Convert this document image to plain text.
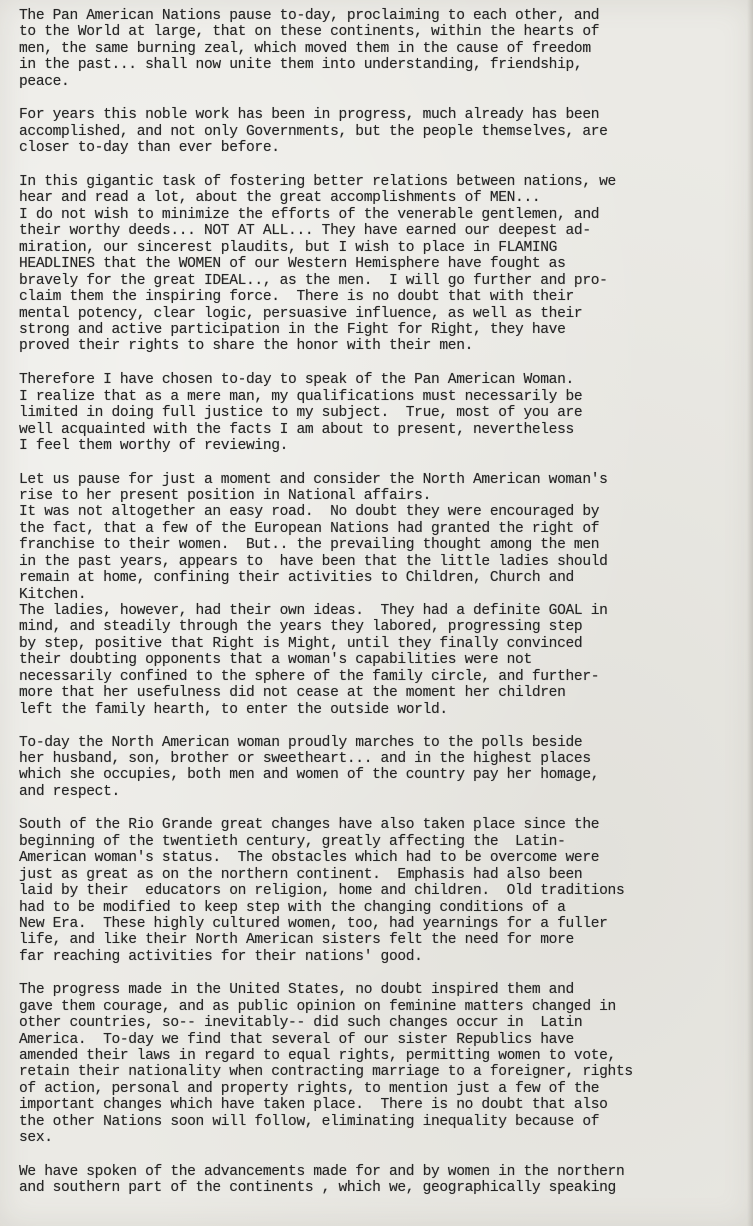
The Pan American Nations pause to-day, proclaiming to each other, and
to the World at large, that on these continents, within the hearts of
men, the same burning zeal, which moved them in the cause of freedom
in the past... shall now unite them into understanding, friendship,
peace.
For years this noble work has been in progress, much already has been
accomplished, and not only Governments, but the people themselves, are
closer to-day than ever before.
In this gigantic task of fostering better relations between nations, we
hear and read a lot, about the great accomplishments of MEN...
I do not wish to minimize the efforts of the venerable gentlemen, and
their worthy deeds... NOT AT ALL... They have earned our deepest ad-
miration, our sincerest plaudits, but I wish to place in FLAMING
HEADLINES that the WOMEN of our Western Hemisphere have fought as
bravely for the great IDEAL.., as the men.  I will go further and pro-
claim them the inspiring force.  There is no doubt that with their
mental potency, clear logic, persuasive influence, as well as their
strong and active participation in the Fight for Right, they have
proved their rights to share the honor with their men.
Therefore I have chosen to-day to speak of the Pan American Woman.
I realize that as a mere man, my qualifications must necessarily be
limited in doing full justice to my subject.  True, most of you are
well acquainted with the facts I am about to present, nevertheless
I feel them worthy of reviewing.
Let us pause for just a moment and consider the North American woman's
rise to her present position in National affairs.
It was not altogether an easy road.  No doubt they were encouraged by
the fact, that a few of the European Nations had granted the right of
franchise to their women.  But.. the prevailing thought among the men
in the past years, appears to  have been that the little ladies should
remain at home, confining their activities to Children, Church and
Kitchen.
The ladies, however, had their own ideas.  They had a definite GOAL in
mind, and steadily through the years they labored, progressing step
by step, positive that Right is Might, until they finally convinced
their doubting opponents that a woman's capabilities were not
necessarily confined to the sphere of the family circle, and further-
more that her usefulness did not cease at the moment her children
left the family hearth, to enter the outside world.
To-day the North American woman proudly marches to the polls beside
her husband, son, brother or sweetheart... and in the highest places
which she occupies, both men and women of the country pay her homage,
and respect.
South of the Rio Grande great changes have also taken place since the
beginning of the twentieth century, greatly affecting the  Latin-
American woman's status.  The obstacles which had to be overcome were
just as great as on the northern continent.  Emphasis had also been
laid by their  educators on religion, home and children.  Old traditions
had to be modified to keep step with the changing conditions of a
New Era.  These highly cultured women, too, had yearnings for a fuller
life, and like their North American sisters felt the need for more
far reaching activities for their nations' good.
The progress made in the United States, no doubt inspired them and
gave them courage, and as public opinion on feminine matters changed in
other countries, so-- inevitably-- did such changes occur in  Latin
America.  To-day we find that several of our sister Republics have
amended their laws in regard to equal rights, permitting women to vote,
retain their nationality when contracting marriage to a foreigner, rights
of action, personal and property rights, to mention just a few of the
important changes which have taken place.  There is no doubt that also
the other Nations soon will follow, eliminating inequality because of
sex.
We have spoken of the advancements made for and by women in the northern
and southern part of the continents , which we, geographically speaking
